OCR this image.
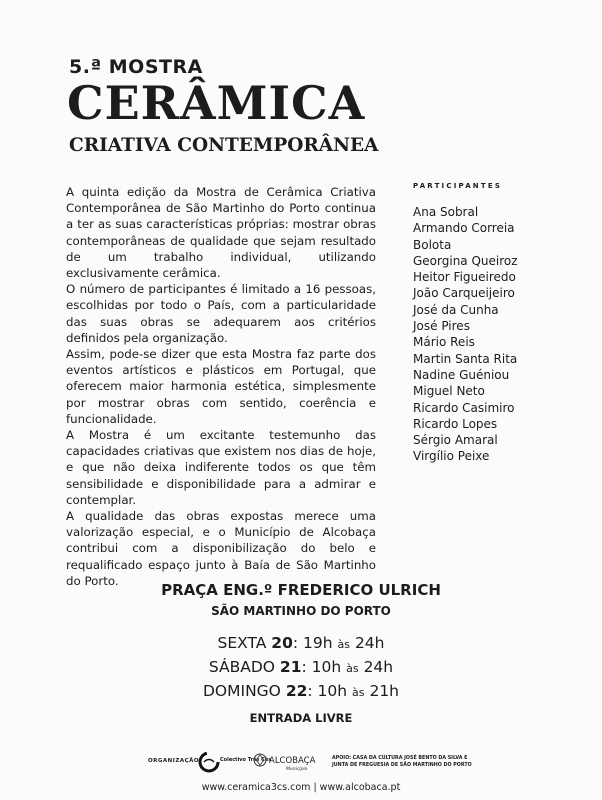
5.ª MOSTRA
CERÂMICA
CRIATIVA CONTEMPORÂNEA

A quinta edição da Mostra de Cerâmica Criativa Contemporânea de São Martinho do Porto continua a ter as suas características próprias: mostrar obras contemporâneas de qualidade que sejam resultado de um trabalho individual, utilizando exclusivamente cerâmica.

O número de participantes é limitado a 16 pessoas, escolhidas por todo o País, com a particularidade das suas obras se adequarem aos critérios definidos pela organização.

Assim, pode-se dizer que esta Mostra faz parte dos eventos artísticos e plásticos em Portugal, que oferecem maior harmonia estética, simplesmente por mostrar obras com sentido, coerência e funcionalidade.

A Mostra é um excitante testemunho das capacidades criativas que existem nos dias de hoje, e que não deixa indiferente todos os que têm sensibilidade e disponibilidade para a admirar e contemplar.

A qualidade das obras expostas merece uma valorização especial, e o Município de Alcobaça contribui com a disponibilização do belo e requalificado espaço junto à Baía de São Martinho do Porto.

PARTICIPANTES
Ana Sobral
Armando Correia
Bolota
Georgina Queiroz
Heitor Figueiredo
João Carqueijeiro
José da Cunha
José Pires
Mário Reis
Martin Santa Rita
Nadine Guéniou
Miguel Neto
Ricardo Casimiro
Ricardo Lopes
Sérgio Amaral
Virgílio Peixe
PRAÇA ENG.º FREDERICO ULRICH
SÃO MARTINHO DO PORTO
SEXTA 20: 19h às 24h
SÁBADO 21: 10h às 24h
DOMINGO 22: 10h às 21h
ENTRADA LIVRE
ORGANIZAÇÃO	Colectivo Três Cês
ALCOBAÇA
Município
APOIO: CASA DA CULTURA JOSÉ BENTO DA SILVA E JUNTA DE FREGUESIA DE SÃO MARTINHO DO PORTO
www.ceramica3cs.com | www.alcobaca.pt
